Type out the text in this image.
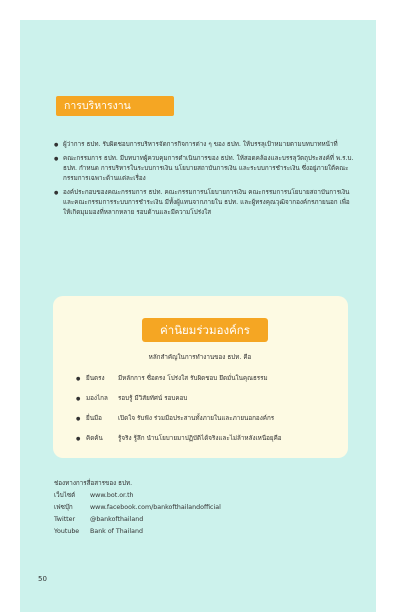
การบริหารงาน
● ผู้ว่าการ ธปท. รับผิดชอบการบริหารจัดการกิจการต่าง ๆ ของ ธปท. ให้บรรลุเป้าหมายตามบทบาทหน้าที่
● คณะกรรมการ ธปท. มีบทบาทผู้ควบคุมการดำเนินการของ ธปท. ให้สอดคล้องและบรรลุวัตถุประสงค์ที่ พ.ร.บ. ธปท. กำหนด การบริหารในระบบการเงิน นโยบายสถาบันการเงิน และระบบการชำระเงิน ซึ่งอยู่ภายใต้คณะกรรมการเฉพาะด้านแต่ละเรื่อง
● องค์ประกอบของคณะกรรมการ ธปท. คณะกรรมการนโยบายการเงิน คณะกรรมการนโยบายสถาบันการเงิน และคณะกรรมการระบบการชำระเงิน มีทั้งผู้แทนจากภายใน ธปท. และผู้ทรงคุณวุฒิจากองค์กรภายนอก เพื่อให้เกิดมุมมองที่หลากหลาย รอบด้านและมีความโปร่งใส
ค่านิยมร่วมองค์กร
หลักสำคัญในการทำงานของ ธปท. คือ
● ยืนตรง มีหลักการ ซื่อตรง โปร่งใส รับผิดชอบ ยึดมั่นในคุณธรรม
● มองไกล รอบรู้ มีวิสัยทัศน์ รอบคอบ
● ยื่นมือ	เปิดใจ รับฟัง ร่วมมือประสานทั้งภายในและภายนอกองค์กร
● คิดค้น รู้จริง รู้ลึก นำนโยบายมาปฏิบัติได้จริงและไม่ล้าหลังเหนือยุคือ
ช่องทางการสื่อสารของ ธปท.
เว็บไซต์ www.bot.or.th
เฟซบุ๊ก	www.facebook.com/bankofthailandofficial
Twitter @bankofthailand
Youtube Bank of Thailand
50
